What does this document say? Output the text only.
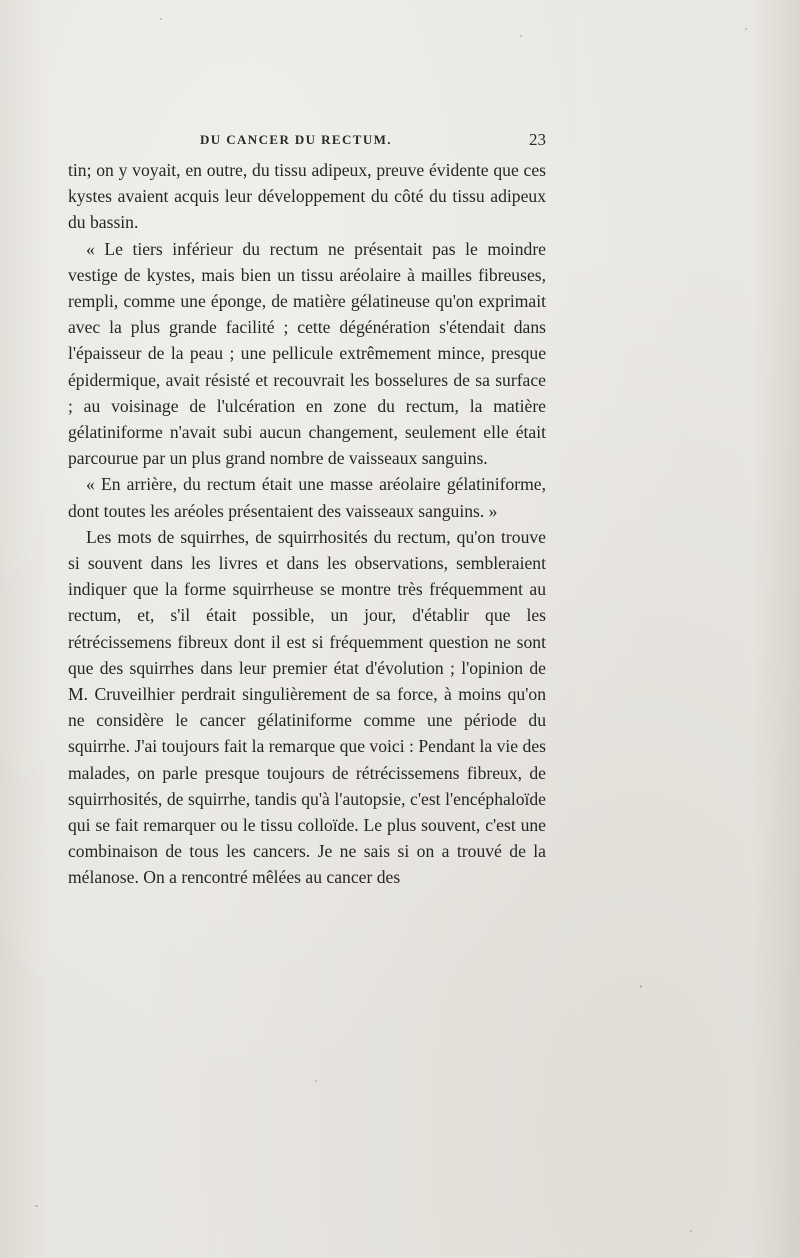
DU CANCER DU RECTUM.	23

tin; on y voyait, en outre, du tissu adipeux, preuve évidente que ces kystes avaient acquis leur développement du côté du tissu adipeux du bassin.

« Le tiers inférieur du rectum ne présentait pas le moindre vestige de kystes, mais bien un tissu aréolaire à mailles fibreuses, rempli, comme une éponge, de matière gélatineuse qu'on exprimait avec la plus grande facilité ; cette dégénération s'étendait dans l'épaisseur de la peau ; une pellicule extrêmement mince, presque épidermique, avait résisté et recouvrait les bosselures de sa surface ; au voisinage de l'ulcération en zone du rectum, la matière gélatiniforme n'avait subi aucun changement, seulement elle était parcourue par un plus grand nombre de vaisseaux sanguins.

« En arrière, du rectum était une masse aréolaire gélatiniforme, dont toutes les aréoles présentaient des vaisseaux sanguins. »

Les mots de squirrhes, de squirrhosités du rectum, qu'on trouve si souvent dans les livres et dans les observations, sembleraient indiquer que la forme squirrheuse se montre très fréquemment au rectum, et, s'il était possible, un jour, d'établir que les rétrécissemens fibreux dont il est si fréquemment question ne sont que des squirrhes dans leur premier état d'évolution ; l'opinion de M. Cruveilhier perdrait singulièrement de sa force, à moins qu'on ne considère le cancer gélatiniforme comme une période du squirrhe. J'ai toujours fait la remarque que voici : Pendant la vie des malades, on parle presque toujours de rétrécissemens fibreux, de squirrhosités, de squirrhe, tandis qu'à l'autopsie, c'est l'encéphaloïde qui se fait remarquer ou le tissu colloïde. Le plus souvent, c'est une combinaison de tous les cancers. Je ne sais si on a trouvé de la mélanose. On a rencontré mêlées au cancer des
